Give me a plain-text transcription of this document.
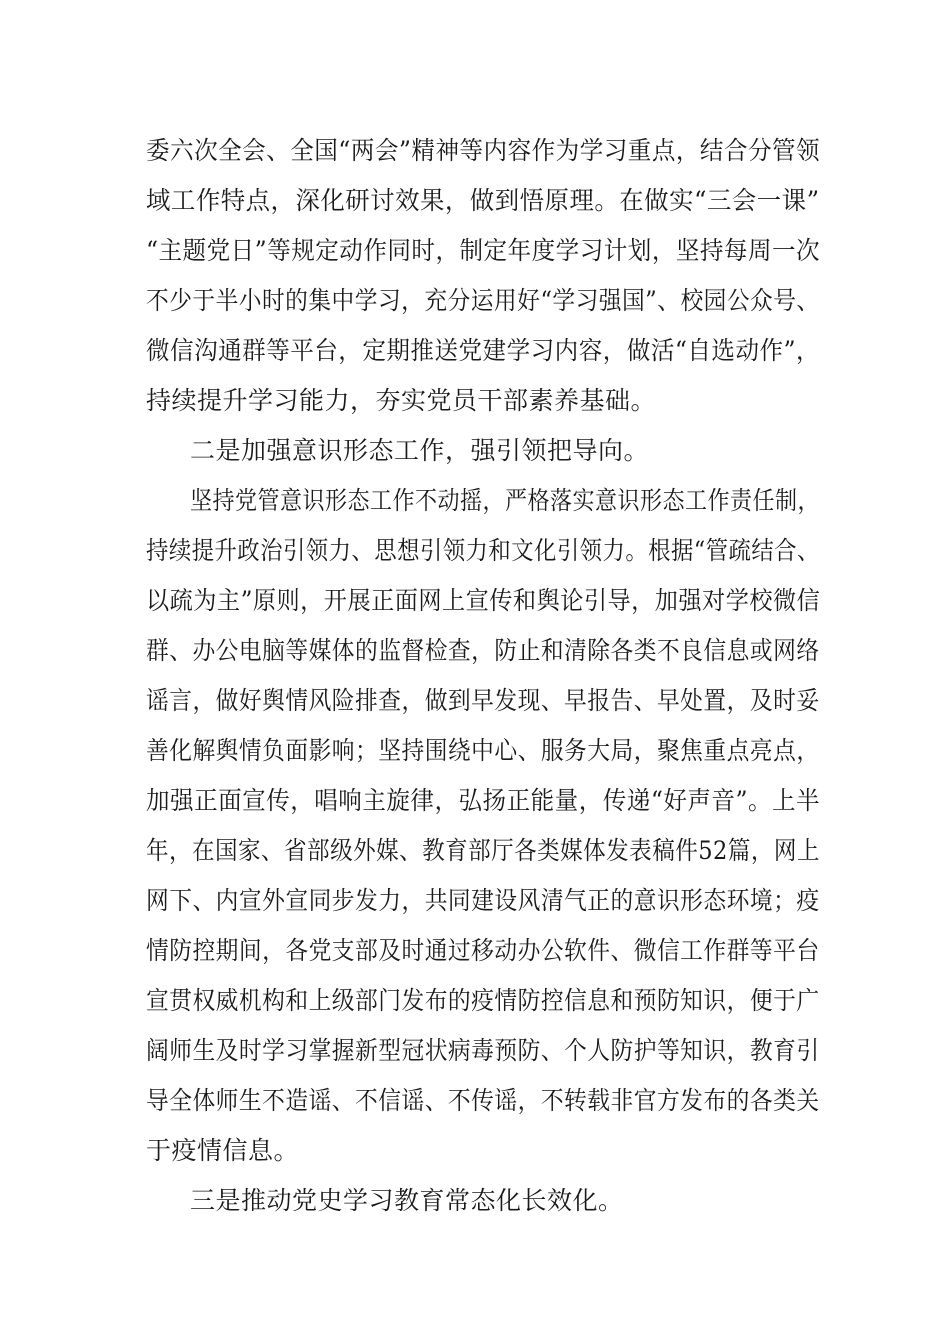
委六次全会、全国“两会”精神等内容作为学习重点，结合分管领
域工作特点，深化研讨效果，做到悟原理。在做实“三会一课”
“主题党日”等规定动作同时，制定年度学习计划，坚持每周一次
不少于半小时的集中学习，充分运用好“学习强国”、校园公众号、
微信沟通群等平台，定期推送党建学习内容，做活“自选动作”，
持续提升学习能力，夯实党员干部素养基础。
二是加强意识形态工作，强引领把导向。
坚持党管意识形态工作不动摇，严格落实意识形态工作责任制，
持续提升政治引领力、思想引领力和文化引领力。根据“管疏结合、
以疏为主”原则，开展正面网上宣传和舆论引导，加强对学校微信
群、办公电脑等媒体的监督检查，防止和清除各类不良信息或网络
谣言，做好舆情风险排查，做到早发现、早报告、早处置，及时妥
善化解舆情负面影响；坚持围绕中心、服务大局，聚焦重点亮点，
加强正面宣传，唱响主旋律，弘扬正能量，传递“好声音”。上半
年，在国家、省部级外媒、教育部厅各类媒体发表稿件52篇，网上
网下、内宣外宣同步发力，共同建设风清气正的意识形态环境；疫
情防控期间，各党支部及时通过移动办公软件、微信工作群等平台
宣贯权威机构和上级部门发布的疫情防控信息和预防知识，便于广
阔师生及时学习掌握新型冠状病毒预防、个人防护等知识，教育引
导全体师生不造谣、不信谣、不传谣，不转载非官方发布的各类关
于疫情信息。
三是推动党史学习教育常态化长效化。
